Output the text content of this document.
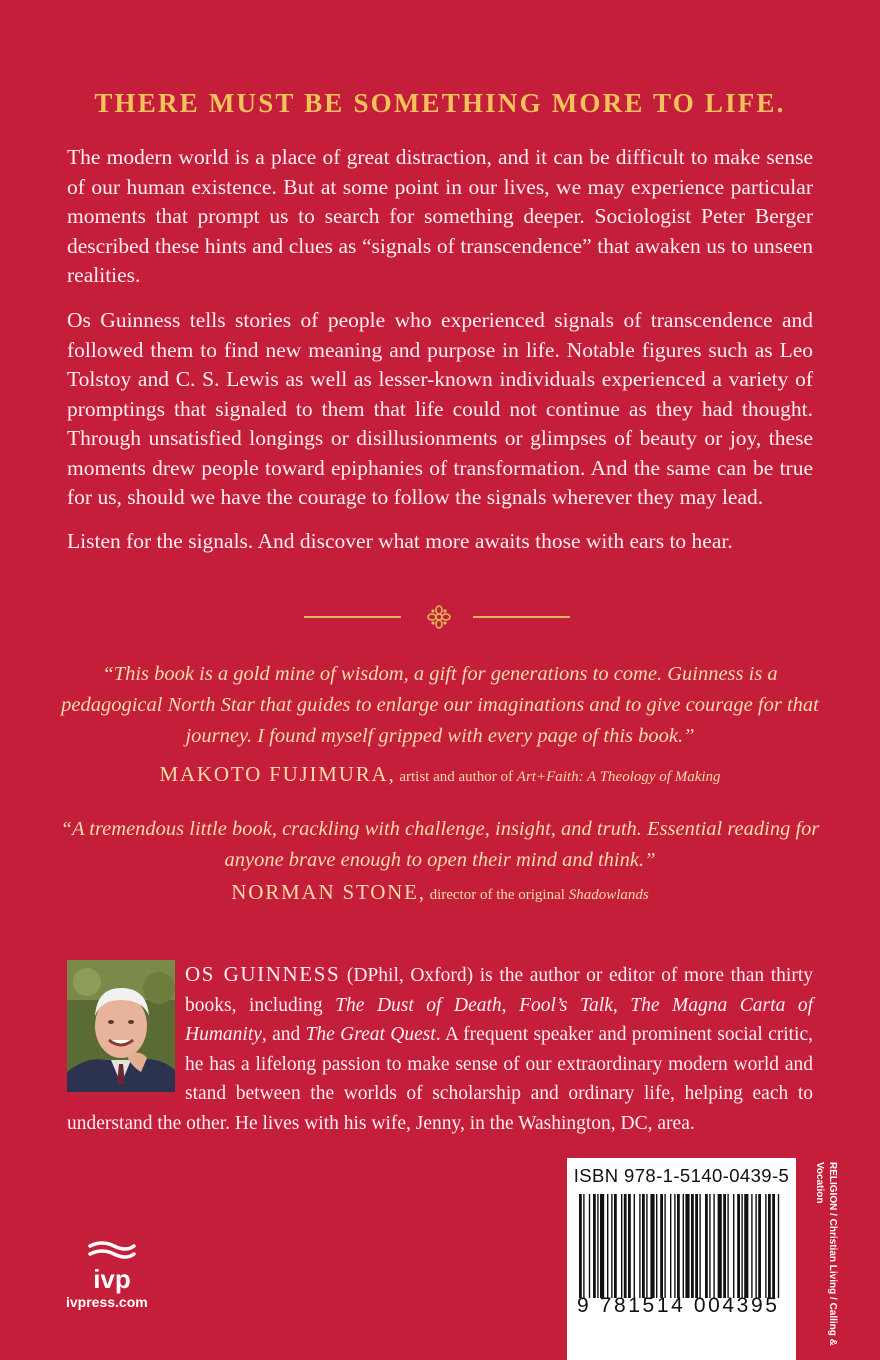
THERE MUST BE SOMETHING MORE TO LIFE.

The modern world is a place of great distraction, and it can be difficult to make sense of our human existence. But at some point in our lives, we may experience particular moments that prompt us to search for something deeper. Sociologist Peter Berger described these hints and clues as “signals of transcendence” that awaken us to unseen realities.

Os Guinness tells stories of people who experienced signals of transcendence and followed them to find new meaning and purpose in life. Notable figures such as Leo Tolstoy and C. S. Lewis as well as lesser-known individuals experienced a variety of promptings that signaled to them that life could not continue as they had thought. Through unsatisfied longings or disillusionments or glimpses of beauty or joy, these moments drew people toward epiphanies of transformation. And the same can be true for us, should we have the courage to follow the signals wherever they may lead.

Listen for the signals. And discover what more awaits those with ears to hear.

“This book is a gold mine of wisdom, a gift for generations to come. Guinness is a pedagogical North Star that guides to enlarge our imaginations and to give courage for that journey. I found myself gripped with every page of this book.”

MAKOTO FUJIMURA, artist and author of Art+Faith: A Theology of Making

“A tremendous little book, crackling with challenge, insight, and truth. Essential reading for anyone brave enough to open their mind and think.”

NORMAN STONE, director of the original Shadowlands

OS GUINNESS (DPhil, Oxford) is the author or editor of more than thirty books, including The Dust of Death, Fool’s Talk, The Magna Carta of Humanity, and The Great Quest. A frequent speaker and prominent social critic, he has a lifelong passion to make sense of our extraordinary modern world and stand between the worlds of scholarship and ordinary life, helping each to understand the other. He lives with his wife, Jenny, in the Washington, DC, area.

ivp

ivpress.com

ISBN 978-1-5140-0439-5

9 781514 004395	RELIGION / Christian Living / Calling & Vocation
